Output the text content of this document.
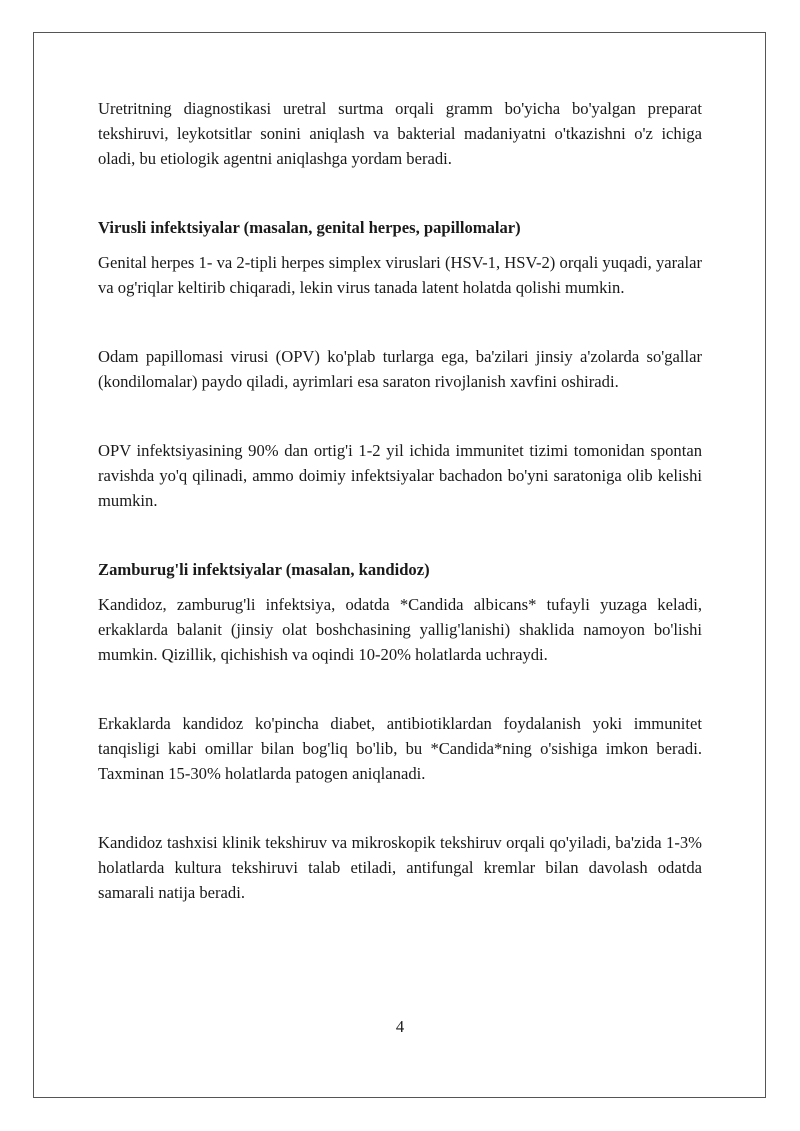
Uretritning diagnostikasi uretral surtma orqali gramm bo'yicha bo'yalgan preparat tekshiruvi, leykotsitlar sonini aniqlash va bakterial madaniyatni o'tkazishni o'z ichiga oladi, bu etiologik agentni aniqlashga yordam beradi.

Virusli infektsiyalar (masalan, genital herpes, papillomalar)

Genital herpes 1- va 2-tipli herpes simplex viruslari (HSV-1, HSV-2) orqali yuqadi, yaralar va og'riqlar keltirib chiqaradi, lekin virus tanada latent holatda qolishi mumkin.

Odam papillomasi virusi (OPV) ko'plab turlarga ega, ba'zilari jinsiy a'zolarda so'gallar (kondilomalar) paydo qiladi, ayrimlari esa saraton rivojlanish xavfini oshiradi.

OPV infektsiyasining 90% dan ortig'i 1-2 yil ichida immunitet tizimi tomonidan spontan ravishda yo'q qilinadi, ammo doimiy infektsiyalar bachadon bo'yni saratoniga olib kelishi mumkin.

Zamburug'li infektsiyalar (masalan, kandidoz)

Kandidoz, zamburug'li infektsiya, odatda *Candida albicans* tufayli yuzaga keladi, erkaklarda balanit (jinsiy olat boshchasining yallig'lanishi) shaklida namoyon bo'lishi mumkin. Qizillik, qichishish va oqindi 10-20% holatlarda uchraydi.

Erkaklarda kandidoz ko'pincha diabet, antibiotiklardan foydalanish yoki immunitet tanqisligi kabi omillar bilan bog'liq bo'lib, bu *Candida*ning o'sishiga imkon beradi. Taxminan 15-30% holatlarda patogen aniqlanadi.

Kandidoz tashxisi klinik tekshiruv va mikroskopik tekshiruv orqali qo'yiladi, ba'zida 1-3% holatlarda kultura tekshiruvi talab etiladi, antifungal kremlar bilan davolash odatda samarali natija beradi.

4
